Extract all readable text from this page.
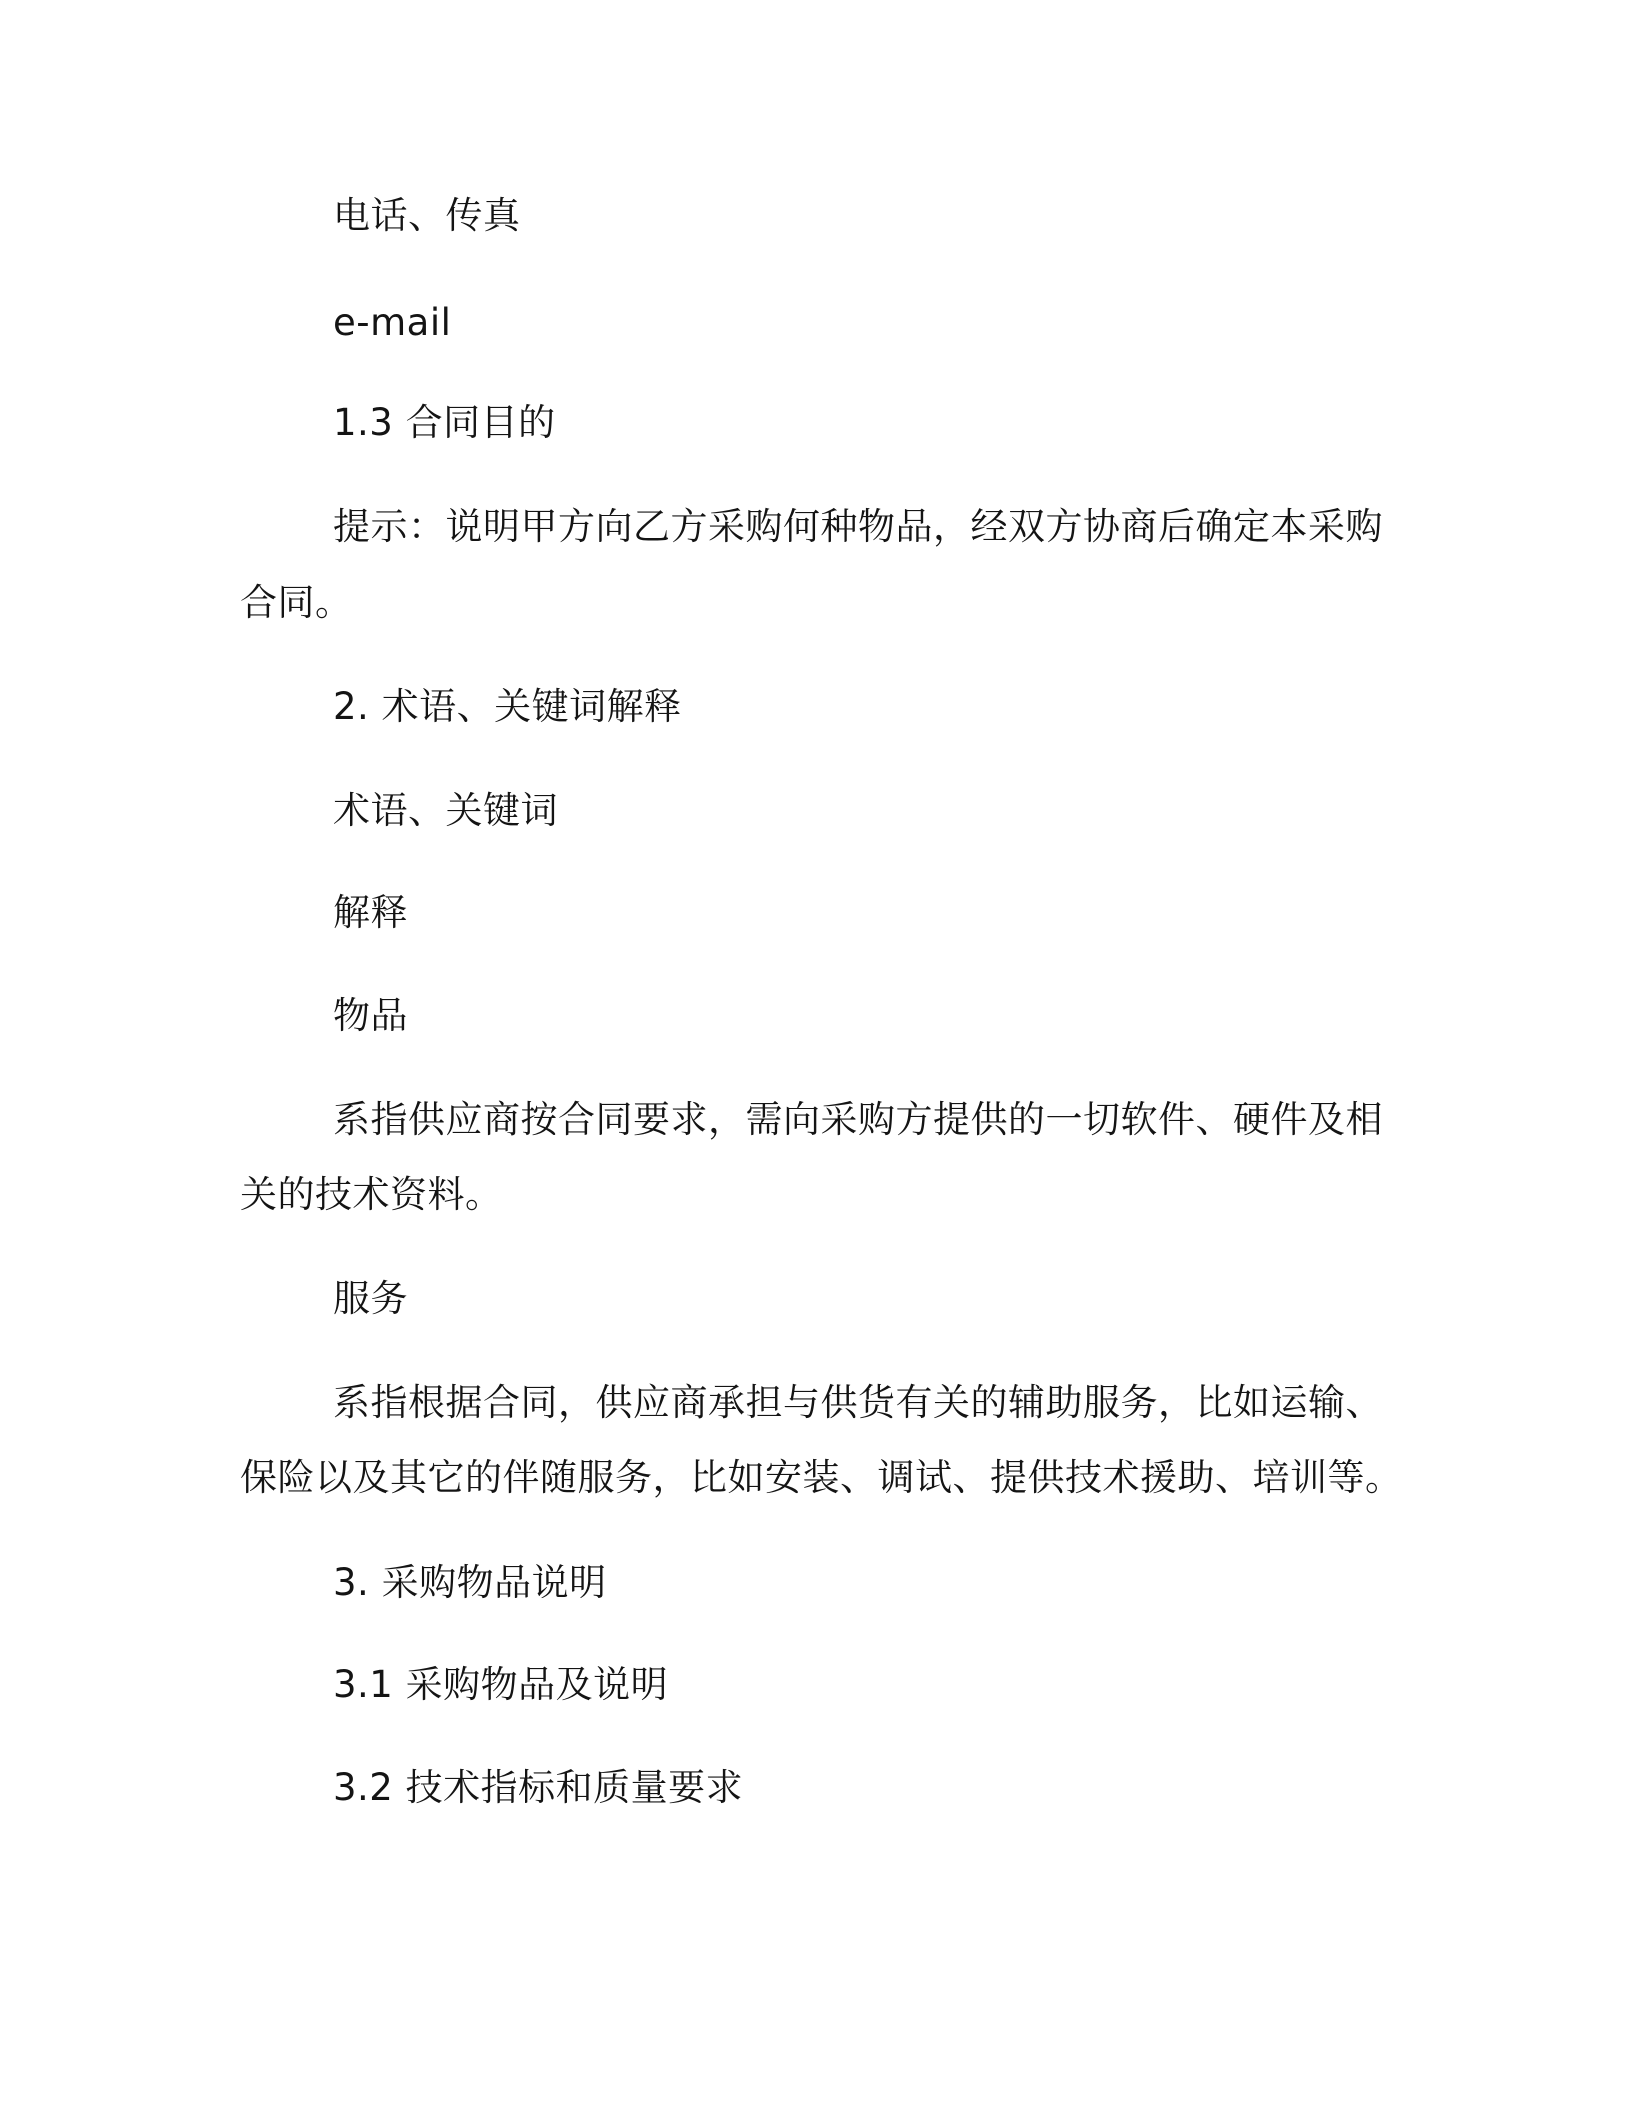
电话、传真

e-mail

1.3 合同目的

提示：说明甲方向乙方采购何种物品，经双方协商后确定本采购

合同。

2. 术语、关键词解释

术语、关键词

解释

物品

系指供应商按合同要求，需向采购方提供的一切软件、硬件及相

关的技术资料。

服务

系指根据合同，供应商承担与供货有关的辅助服务，比如运输、

保险以及其它的伴随服务，比如安装、调试、提供技术援助、培训等。

3. 采购物品说明

3.1 采购物品及说明

3.2 技术指标和质量要求
